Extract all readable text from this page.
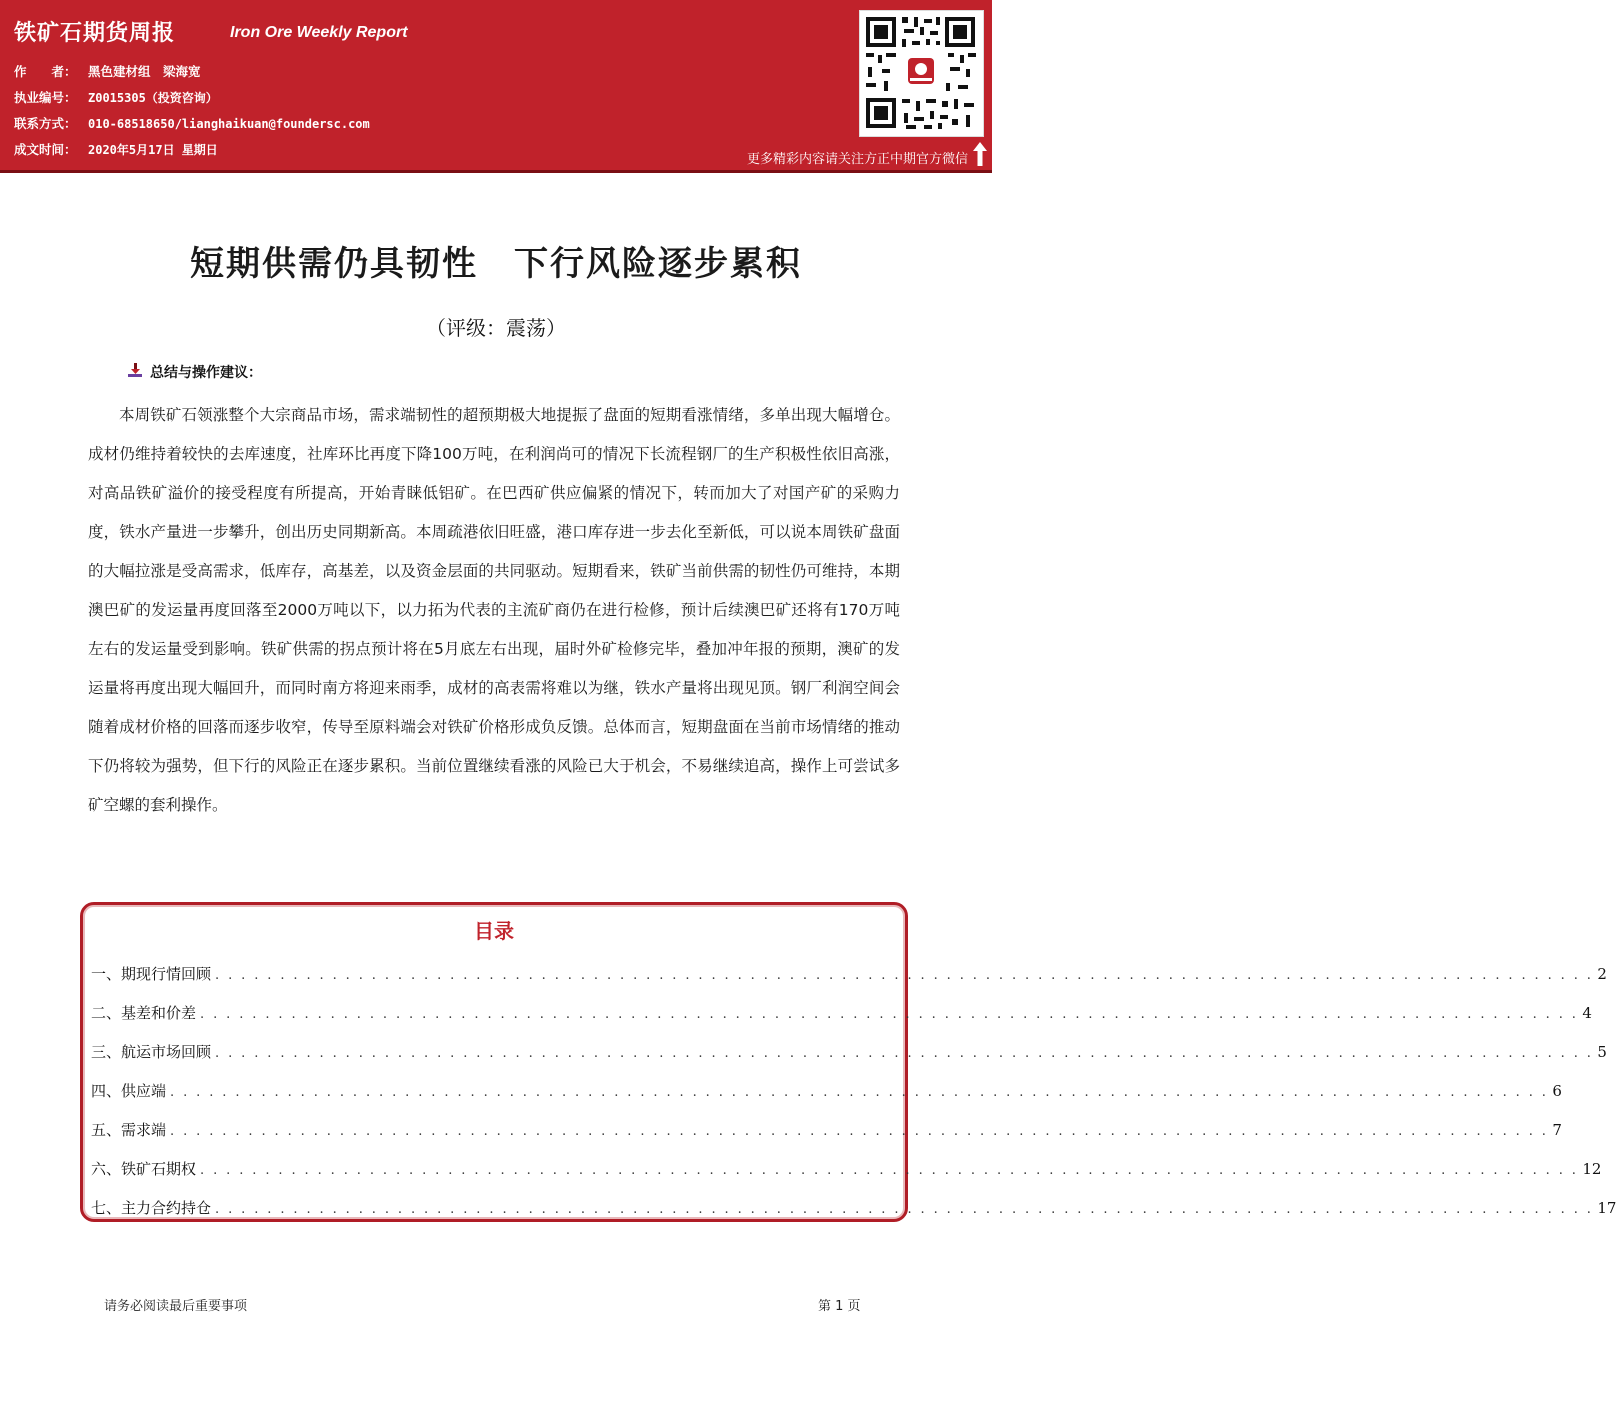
铁矿石期货周报	Iron Ore Weekly Report
作　　者： 黑色建材组　梁海宽
执业编号： Z0015305（投资咨询）
联系方式： 010-68518650/lianghaikuan@foundersc.com
成文时间： 2020年5月17日 星期日
更多精彩内容请关注方正中期官方微信
短期供需仍具韧性　下行风险逐步累积
（评级：震荡）
总结与操作建议：
本周铁矿石领涨整个大宗商品市场，需求端韧性的超预期极大地提振了盘面的短期看涨情绪，多单出现大幅增仓。成材仍维持着较快的去库速度，社库环比再度下降100万吨，在利润尚可的情况下长流程钢厂的生产积极性依旧高涨，对高品铁矿溢价的接受程度有所提高，开始青睐低铝矿。在巴西矿供应偏紧的情况下，转而加大了对国产矿的采购力度，铁水产量进一步攀升，创出历史同期新高。本周疏港依旧旺盛，港口库存进一步去化至新低，可以说本周铁矿盘面的大幅拉涨是受高需求，低库存，高基差，以及资金层面的共同驱动。短期看来，铁矿当前供需的韧性仍可维持，本期澳巴矿的发运量再度回落至2000万吨以下，以力拓为代表的主流矿商仍在进行检修，预计后续澳巴矿还将有170万吨左右的发运量受到影响。铁矿供需的拐点预计将在5月底左右出现，届时外矿检修完毕，叠加冲年报的预期，澳矿的发运量将再度出现大幅回升，而同时南方将迎来雨季，成材的高表需将难以为继，铁水产量将出现见顶。钢厂利润空间会随着成材价格的回落而逐步收窄，传导至原料端会对铁矿价格形成负反馈。总体而言，短期盘面在当前市场情绪的推动下仍将较为强势，但下行的风险正在逐步累积。当前位置继续看涨的风险已大于机会，不易继续追高，操作上可尝试多矿空螺的套利操作。
目录
一、期现行情回顾 . . . . . . . . . . . . . . . . . . . . . . . . . . . . . . . . . . . . . . . . . . . . . . . . . . . . . . . . . . . . . . . . . . . . . . . . . . . . . . . . . . . . . . . . . . . . . . . . . . . . . . . . . . 2
二、基差和价差 . . . . . . . . . . . . . . . . . . . . . . . . . . . . . . . . . . . . . . . . . . . . . . . . . . . . . . . . . . . . . . . . . . . . . . . . . . . . . . . . . . . . . . . . . . . . . . . . . . . . . . . . . . 4
三、航运市场回顾 . . . . . . . . . . . . . . . . . . . . . . . . . . . . . . . . . . . . . . . . . . . . . . . . . . . . . . . . . . . . . . . . . . . . . . . . . . . . . . . . . . . . . . . . . . . . . . . . . . . . . . . . . . 5
四、供应端 . . . . . . . . . . . . . . . . . . . . . . . . . . . . . . . . . . . . . . . . . . . . . . . . . . . . . . . . . . . . . . . . . . . . . . . . . . . . . . . . . . . . . . . . . . . . . . . . . . . . . . . . . . 6
五、需求端 . . . . . . . . . . . . . . . . . . . . . . . . . . . . . . . . . . . . . . . . . . . . . . . . . . . . . . . . . . . . . . . . . . . . . . . . . . . . . . . . . . . . . . . . . . . . . . . . . . . . . . . . . . 7
六、铁矿石期权 . . . . . . . . . . . . . . . . . . . . . . . . . . . . . . . . . . . . . . . . . . . . . . . . . . . . . . . . . . . . . . . . . . . . . . . . . . . . . . . . . . . . . . . . . . . . . . . . . . . . . . . . . . 12
七、主力合约持仓 . . . . . . . . . . . . . . . . . . . . . . . . . . . . . . . . . . . . . . . . . . . . . . . . . . . . . . . . . . . . . . . . . . . . . . . . . . . . . . . . . . . . . . . . . . . . . . . . . . . . . . . . . . 17
请务必阅读最后重要事项	第 1 页
